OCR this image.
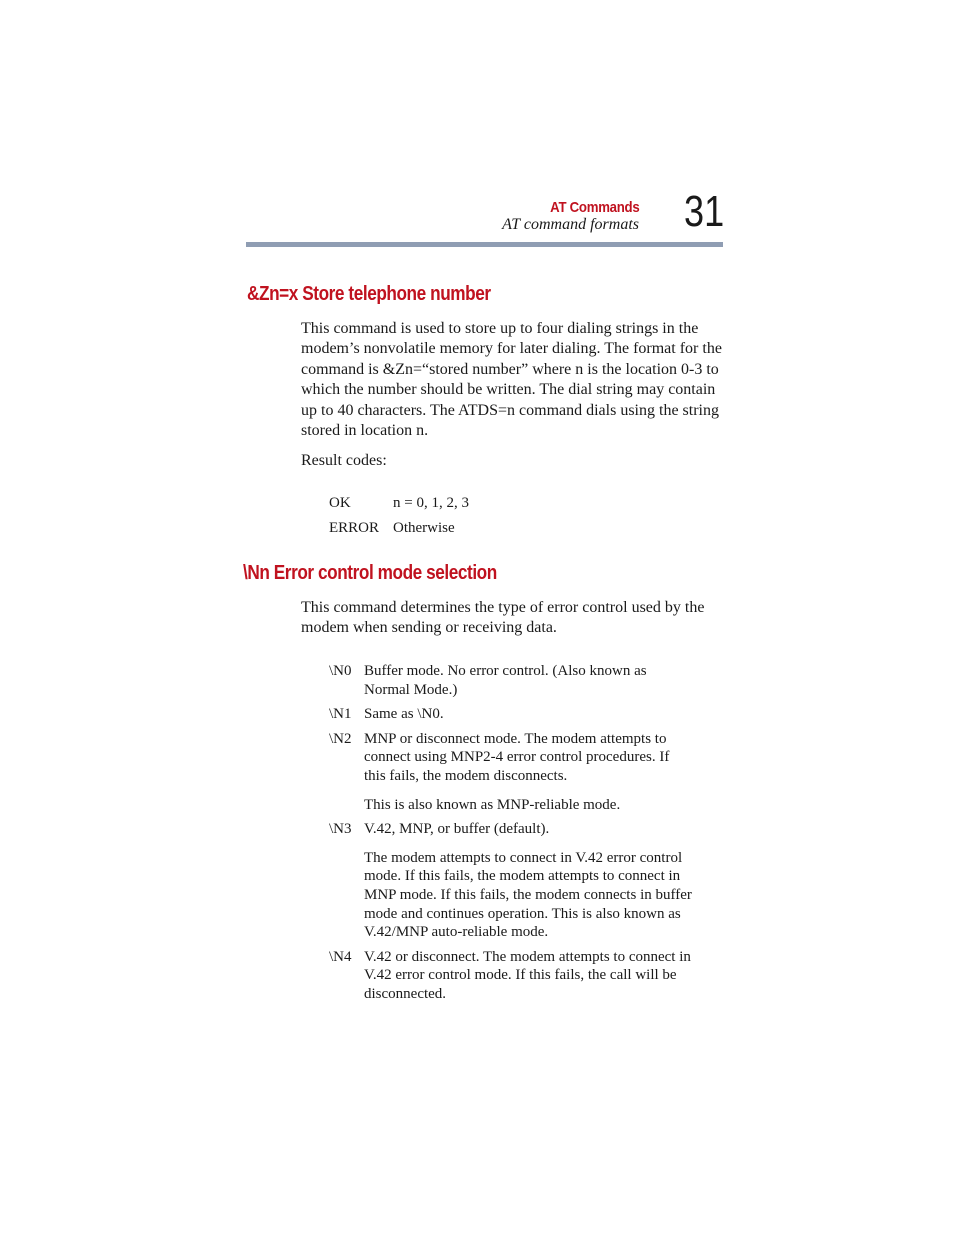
AT Commands
AT command formats 31
&Zn=x Store telephone number
This command is used to store up to four dialing strings in the modem’s nonvolatile memory for later dialing. The format for the command is &Zn=“stored number” where n is the location 0-3 to which the number should be written. The dial string may contain up to 40 characters. The ATDS=n command dials using the string stored in location n.
Result codes:
OK	n = 0, 1, 2, 3
ERROR Otherwise
\Nn Error control mode selection
This command determines the type of error control used by the modem when sending or receiving data.
\N0 Buffer mode. No error control. (Also known as Normal Mode.)
\N1 Same as \N0.
\N2 MNP or disconnect mode. The modem attempts to connect using MNP2-4 error control procedures. If this fails, the modem disconnects.
This is also known as MNP-reliable mode.
\N3 V.42, MNP, or buffer (default).
The modem attempts to connect in V.42 error control mode. If this fails, the modem attempts to connect in MNP mode. If this fails, the modem connects in buffer mode and continues operation. This is also known as V.42/MNP auto-reliable mode.
\N4 V.42 or disconnect. The modem attempts to connect in V.42 error control mode. If this fails, the call will be disconnected.
